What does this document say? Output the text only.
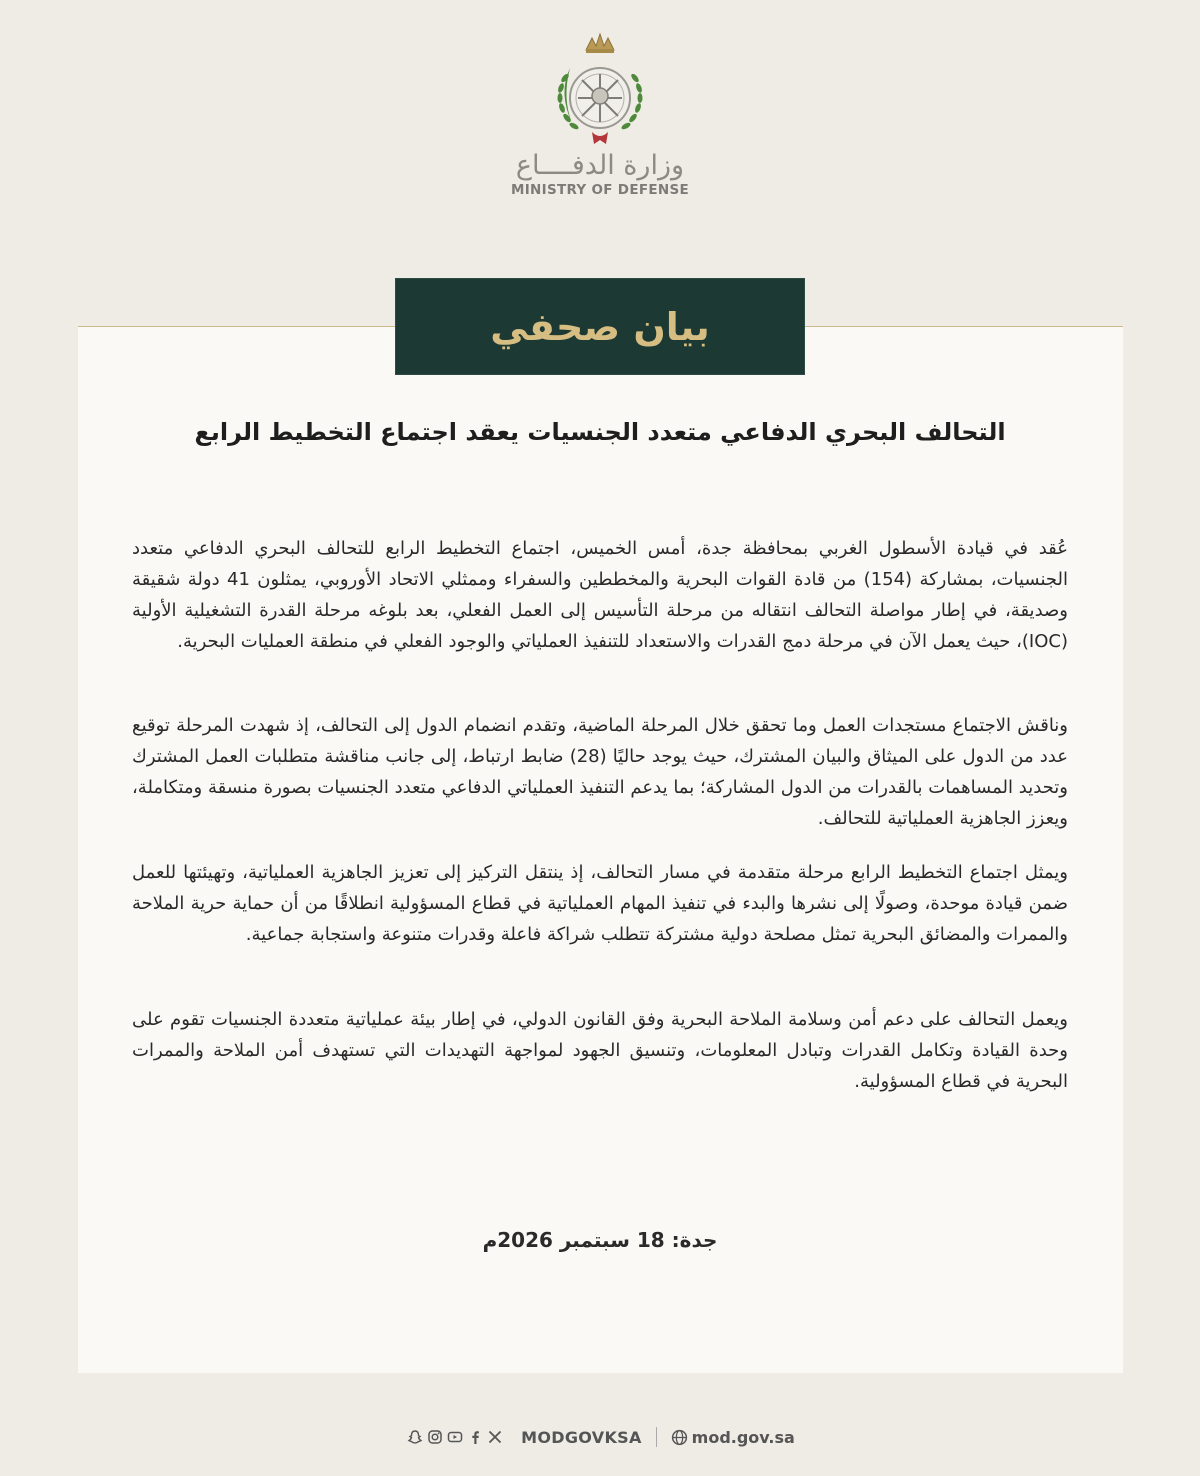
وزارة الدفــــاع
MINISTRY OF DEFENSE
بيان صحفي
التحالف البحري الدفاعي متعدد الجنسيات يعقد اجتماع التخطيط الرابع

عُقد في قيادة الأسطول الغربي بمحافظة جدة، أمس الخميس، اجتماع التخطيط الرابع للتحالف البحري الدفاعي متعدد الجنسيات، بمشاركة (154) من قادة القوات البحرية والمخططين والسفراء وممثلي الاتحاد الأوروبي، يمثلون 41 دولة شقيقة وصديقة، في إطار مواصلة التحالف انتقاله من مرحلة التأسيس إلى العمل الفعلي، بعد بلوغه مرحلة القدرة التشغيلية الأولية (IOC)، حيث يعمل الآن في مرحلة دمج القدرات والاستعداد للتنفيذ العملياتي والوجود الفعلي في منطقة العمليات البحرية.

وناقش الاجتماع مستجدات العمل وما تحقق خلال المرحلة الماضية، وتقدم انضمام الدول إلى التحالف، إذ شهدت المرحلة توقيع عدد من الدول على الميثاق والبيان المشترك، حيث يوجد حاليًا (28) ضابط ارتباط، إلى جانب مناقشة متطلبات العمل المشترك وتحديد المساهمات بالقدرات من الدول المشاركة؛ بما يدعم التنفيذ العملياتي الدفاعي متعدد الجنسيات بصورة منسقة ومتكاملة، ويعزز الجاهزية العملياتية للتحالف.

ويمثل اجتماع التخطيط الرابع مرحلة متقدمة في مسار التحالف، إذ ينتقل التركيز إلى تعزيز الجاهزية العملياتية، وتهيئتها للعمل ضمن قيادة موحدة، وصولًا إلى نشرها والبدء في تنفيذ المهام العملياتية في قطاع المسؤولية انطلاقًا من أن حماية حرية الملاحة والممرات والمضائق البحرية تمثل مصلحة دولية مشتركة تتطلب شراكة فاعلة وقدرات متنوعة واستجابة جماعية.

ويعمل التحالف على دعم أمن وسلامة الملاحة البحرية وفق القانون الدولي، في إطار بيئة عملياتية متعددة الجنسيات تقوم على وحدة القيادة وتكامل القدرات وتبادل المعلومات، وتنسيق الجهود لمواجهة التهديدات التي تستهدف أمن الملاحة والممرات البحرية في قطاع المسؤولية.

جدة: 18 سبتمبر 2026م
MODGOVKSA	mod.gov.sa
